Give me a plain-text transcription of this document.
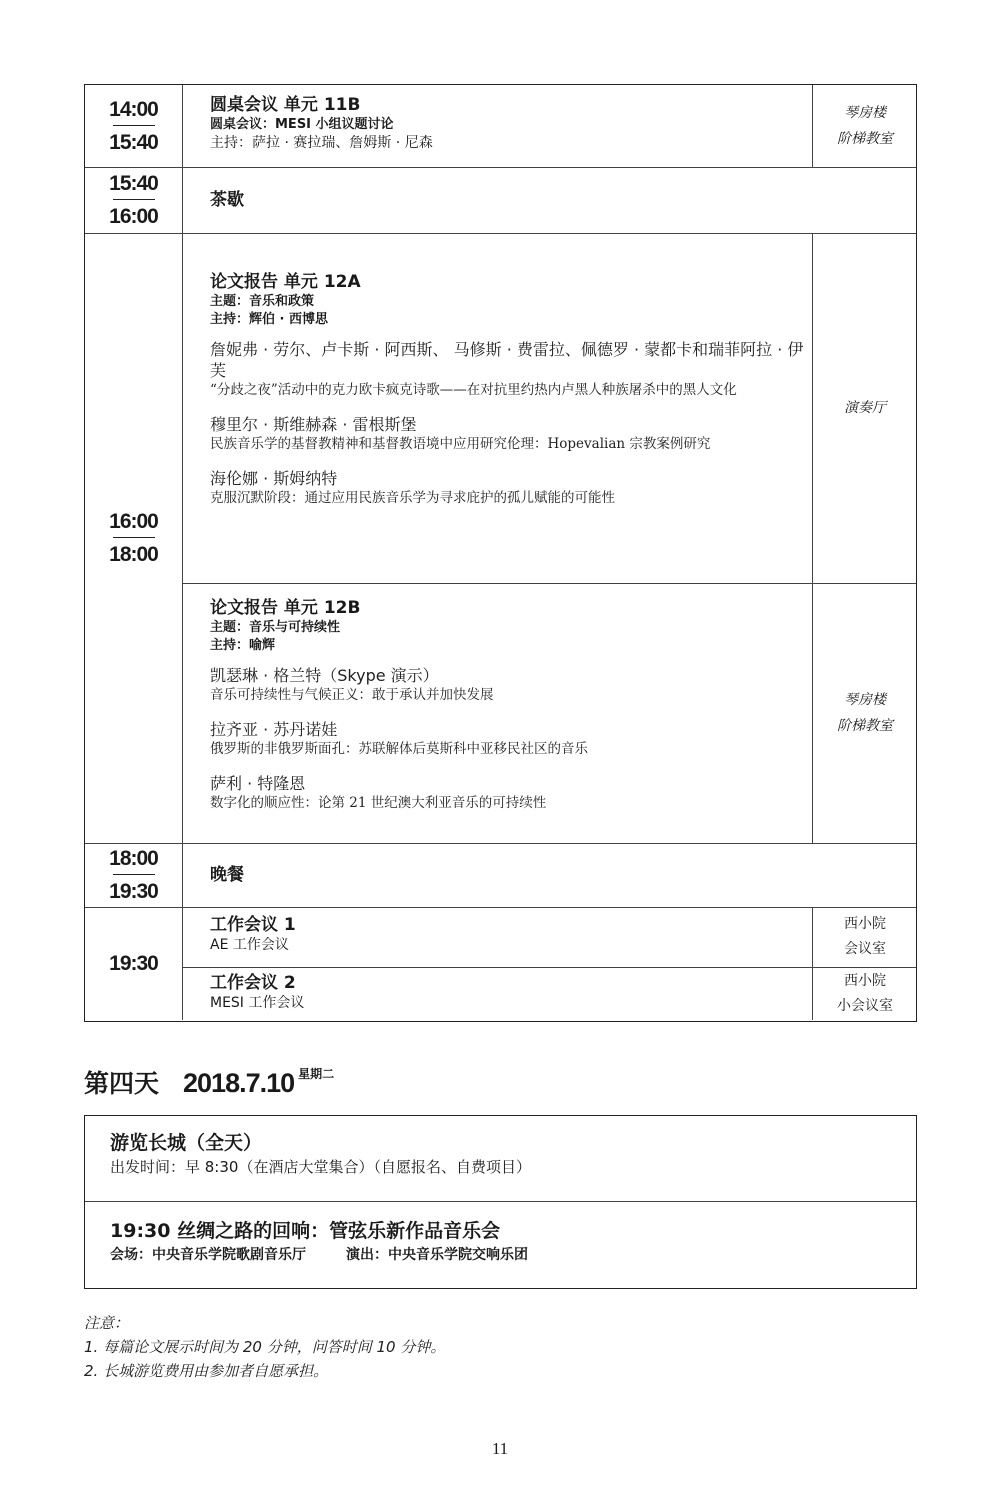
14:00
15:40
圆桌会议 单元 11B
圆桌会议：MESI 小组议题讨论
主持：萨拉 · 赛拉瑞、詹姆斯 · 尼森
琴房楼
阶梯教室
15:40
16:00
茶歇
16:00
18:00
论文报告 单元 12A
主题：音乐和政策
主持：辉伯 · 西博思
詹妮弗 · 劳尔、卢卡斯 · 阿西斯、 马修斯 · 费雷拉、佩德罗 · 蒙都卡和瑞菲阿拉 · 伊芙
“分歧之夜”活动中的克力欧卡疯克诗歌——在对抗里约热内卢黑人种族屠杀中的黑人文化
穆里尔 · 斯维赫森 · 雷根斯堡
民族音乐学的基督教精神和基督教语境中应用研究伦理：Hopevalian 宗教案例研究
海伦娜 · 斯姆纳特
克服沉默阶段：通过应用民族音乐学为寻求庇护的孤儿赋能的可能性
演奏厅
论文报告 单元 12B
主题：音乐与可持续性
主持：喻辉
凯瑟琳 · 格兰特（Skype 演示）
音乐可持续性与气候正义：敢于承认并加快发展
拉齐亚 · 苏丹诺娃
俄罗斯的非俄罗斯面孔：苏联解体后莫斯科中亚移民社区的音乐
萨利 · 特隆恩
数字化的顺应性：论第 21 世纪澳大利亚音乐的可持续性
琴房楼
阶梯教室
18:00
19:30
晚餐
19:30
工作会议 1
AE 工作会议
西小院
会议室
工作会议 2
MESI 工作会议
西小院
小会议室
第四天 2018.7.10 $^{星期二}$
游览长城（全天）
出发时间：早 8:30（在酒店大堂集合）（自愿报名、自费项目）
19:30 丝绸之路的回响：管弦乐新作品音乐会
会场：中央音乐学院歌剧音乐厅	演出：中央音乐学院交响乐团
注意：
1. 每篇论文展示时间为 20 分钟，问答时间 10 分钟。
2. 长城游览费用由参加者自愿承担。
11
